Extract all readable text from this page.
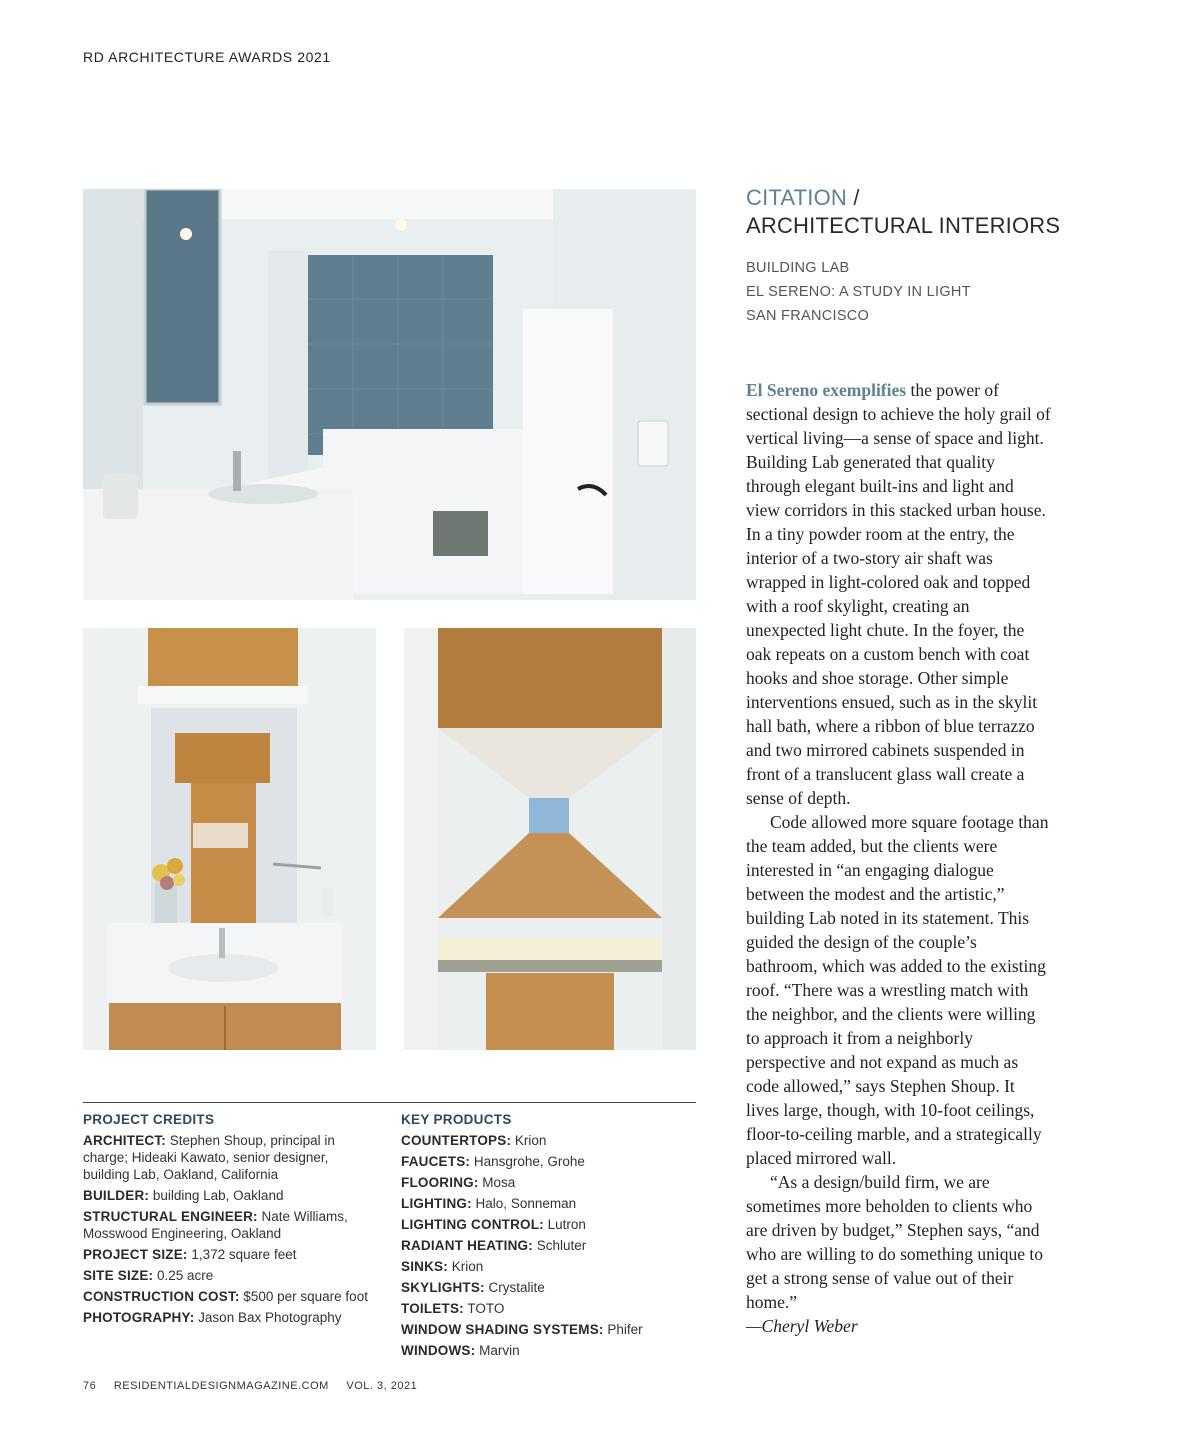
RD ARCHITECTURE AWARDS 2021
PROJECT CREDITS
ARCHITECT: Stephen Shoup, principal in charge; Hideaki Kawato, senior designer, building Lab, Oakland, California
BUILDER: building Lab, Oakland
STRUCTURAL ENGINEER: Nate Williams, Mosswood Engineering, Oakland
PROJECT SIZE: 1,372 square feet
SITE SIZE: 0.25 acre
CONSTRUCTION COST: $500 per square foot
PHOTOGRAPHY: Jason Bax Photography
KEY PRODUCTS
COUNTERTOPS: Krion
FAUCETS: Hansgrohe, Grohe
FLOORING: Mosa
LIGHTING: Halo, Sonneman
LIGHTING CONTROL: Lutron
RADIANT HEATING: Schluter
SINKS: Krion
SKYLIGHTS: Crystalite
TOILETS: TOTO
WINDOW SHADING SYSTEMS: Phifer
WINDOWS: Marvin
76 RESIDENTIALDESIGNMAGAZINE.COM VOL. 3, 2021
CITATION /
ARCHITECTURAL INTERIORS
BUILDING LAB
EL SERENO: A STUDY IN LIGHT
SAN FRANCISCO

El Sereno exemplifies the power of sectional design to achieve the holy grail of vertical living—a sense of space and light. Building Lab generated that quality through elegant built-ins and light and view corridors in this stacked urban house. In a tiny powder room at the entry, the interior of a two-story air shaft was wrapped in light-colored oak and topped with a roof skylight, creating an unexpected light chute. In the foyer, the oak repeats on a custom bench with coat hooks and shoe storage. Other simple interventions ensued, such as in the skylit hall bath, where a ribbon of blue terrazzo and two mirrored cabinets suspended in front of a translucent glass wall create a sense of depth.

Code allowed more square footage than the team added, but the clients were interested in “an engaging dialogue between the modest and the artistic,” building Lab noted in its statement. This guided the design of the couple’s bathroom, which was added to the existing roof. “There was a wrestling match with the neighbor, and the clients were willing to approach it from a neighborly perspective and not expand as much as code allowed,” says Stephen Shoup. It lives large, though, with 10-foot ceilings, floor-to-ceiling marble, and a strategically placed mirrored wall.

“As a design/build firm, we are sometimes more beholden to clients who are driven by budget,” Stephen says, “and who are willing to do something unique to get a strong sense of value out of their home.”

—Cheryl Weber
